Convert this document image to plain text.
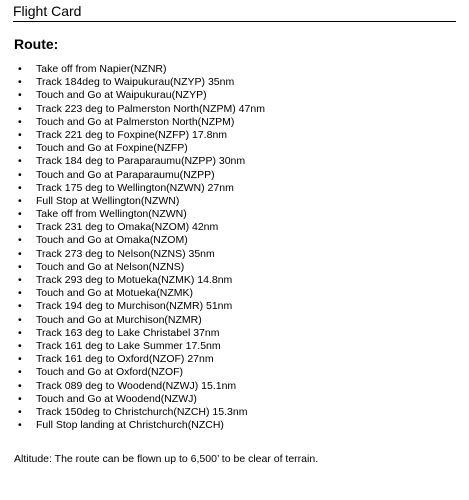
Flight Card
Route:
• Take off from Napier(NZNR)
• Track 184deg to Waipukurau(NZYP) 35nm
• Touch and Go at Waipukurau(NZYP)
• Track 223 deg to Palmerston North(NZPM) 47nm
• Touch and Go at Palmerston North(NZPM)
• Track 221 deg to Foxpine(NZFP) 17.8nm
• Touch and Go at Foxpine(NZFP)
• Track 184 deg to Paraparaumu(NZPP) 30nm
• Touch and Go at Paraparaumu(NZPP)
• Track 175 deg to Wellington(NZWN) 27nm
• Full Stop at Wellington(NZWN)
• Take off from Wellington(NZWN)
• Track 231 deg to Omaka(NZOM) 42nm
• Touch and Go at Omaka(NZOM)
• Track 273 deg to Nelson(NZNS) 35nm
• Touch and Go at Nelson(NZNS)
• Track 293 deg to Motueka(NZMK) 14.8nm
• Touch and Go at Motueka(NZMK)
• Track 194 deg to Murchison(NZMR) 51nm
• Touch and Go at Murchison(NZMR)
• Track 163 deg to Lake Christabel 37nm
• Track 161 deg to Lake Summer 17.5nm
• Track 161 deg to Oxford(NZOF) 27nm
• Touch and Go at Oxford(NZOF)
• Track 089 deg to Woodend(NZWJ) 15.1nm
• Touch and Go at Woodend(NZWJ)
• Track 150deg to Christchurch(NZCH) 15.3nm
• Full Stop landing at Christchurch(NZCH)
Altitude: The route can be flown up to 6,500’ to be clear of terrain.
